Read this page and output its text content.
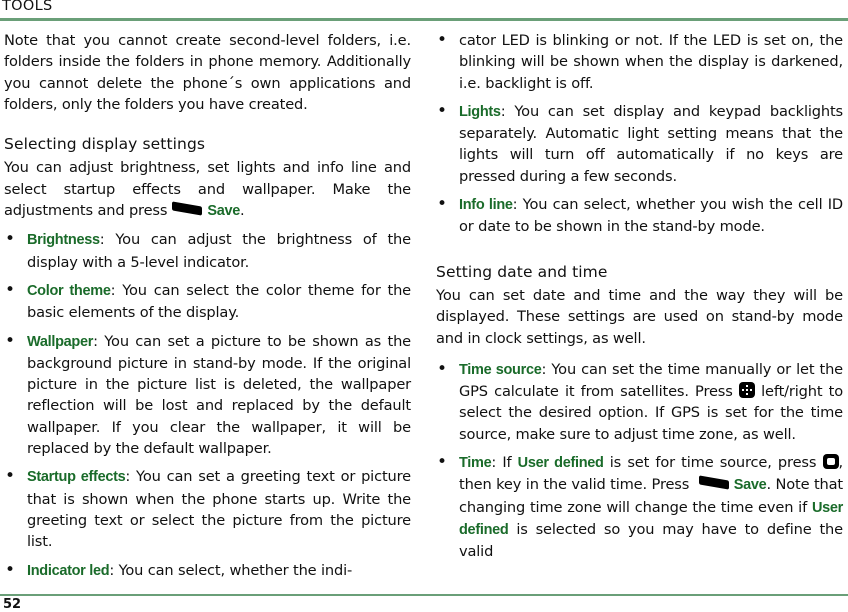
TOOLS

Note that you cannot create second-level folders, i.e. folders inside the folders in phone memory. Additionally you cannot delete the phone´s own applications and folders, only the folders you have created.

Selecting display settings

You can adjust brightness, set lights and info line and select startup effects and wallpaper. Make the adjustments and press	Save.

• Brightness: You can adjust the brightness of the display with a 5-level indicator.
• Color theme: You can select the color theme for the basic elements of the display.
• Wallpaper: You can set a picture to be shown as the background picture in stand-by mode. If the original picture in the picture list is deleted, the wallpaper reflection will be lost and replaced by the default wallpaper. If you clear the wallpaper, it will be replaced by the default wallpaper.
• Startup effects: You can set a greeting text or picture that is shown when the phone starts up. Write the greeting text or select the picture from the picture list.
• Indicator led: You can select, whether the indi-
• cator LED is blinking or not. If the LED is set on, the blinking will be shown when the display is darkened, i.e. backlight is off.
• Lights: You can set display and keypad backlights separately. Automatic light setting means that the lights will turn off automatically if no keys are pressed during a few seconds.
• Info line: You can select, whether you wish the cell ID or date to be shown in the stand-by mode.
Setting date and time

You can set date and time and the way they will be displayed. These settings are used on stand-by mode and in clock settings, as well.

• Time source: You can set the time manually or let the GPS calculate it from satellites. Press  left/right to select the desired option. If GPS is set for the time source, make sure to adjust time zone, as well.
• Time: If User defined is set for time source, press , then key in the valid time. Press	Save. Note that changing time zone will change the time even if User defined is selected so you may have to define the valid
52
